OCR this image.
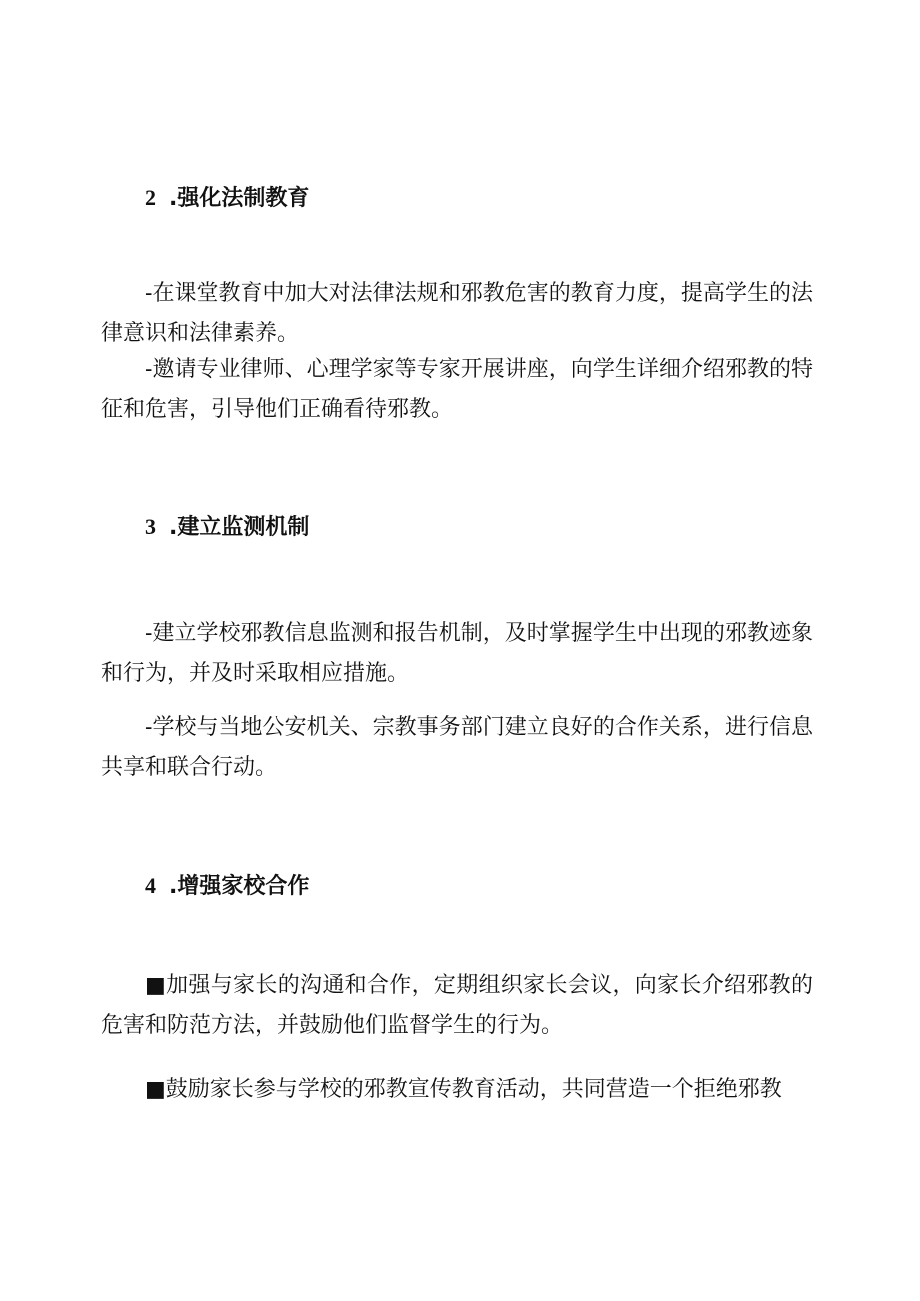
2 .强化法制教育

-在课堂教育中加大对法律法规和邪教危害的教育力度，提高学生的法律意识和法律素养。

-邀请专业律师、心理学家等专家开展讲座，向学生详细介绍邪教的特征和危害，引导他们正确看待邪教。

3 .建立监测机制

-建立学校邪教信息监测和报告机制，及时掌握学生中出现的邪教迹象和行为，并及时采取相应措施。

-学校与当地公安机关、宗教事务部门建立良好的合作关系，进行信息共享和联合行动。

4 .增强家校合作

■加强与家长的沟通和合作，定期组织家长会议，向家长介绍邪教的危害和防范方法，并鼓励他们监督学生的行为。

■鼓励家长参与学校的邪教宣传教育活动，共同营造一个拒绝邪教
